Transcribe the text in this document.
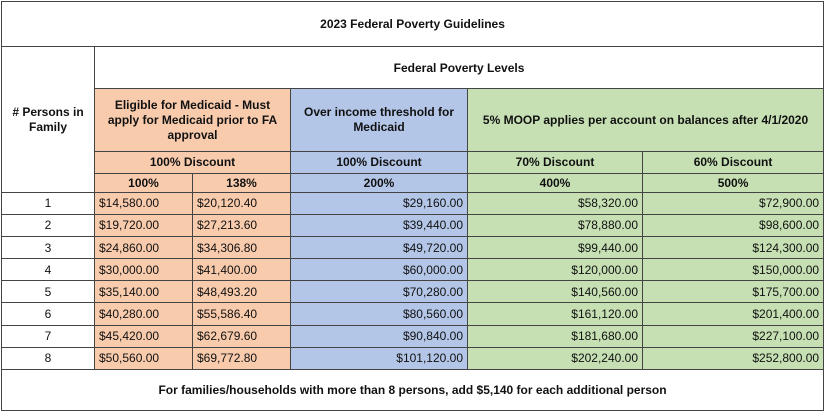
2023 Federal Poverty Guidelines					
# Persons in Family	Federal Poverty Levels				
	Eligible for Medicaid - Must apply for Medicaid prior to FA approval		Over income threshold for Medicaid	5% MOOP applies per account on balances after 4/1/2020	
	100% Discount		100% Discount	70% Discount	60% Discount
	100%	138%	200%	400%	500%
1	$14,580.00	$20,120.40	$29,160.00	$58,320.00	$72,900.00
2	$19,720.00	$27,213.60	$39,440.00	$78,880.00	$98,600.00
3	$24,860.00	$34,306.80	$49,720.00	$99,440.00	$124,300.00
4	$30,000.00	$41,400.00	$60,000.00	$120,000.00	$150,000.00
5	$35,140.00	$48,493.20	$70,280.00	$140,560.00	$175,700.00
6	$40,280.00	$55,586.40	$80,560.00	$161,120.00	$201,400.00
7	$45,420.00	$62,679.60	$90,840.00	$181,680.00	$227,100.00
8	$50,560.00	$69,772.80	$101,120.00	$202,240.00	$252,800.00
For families/households with more than 8 persons, add $5,140 for each additional person					
